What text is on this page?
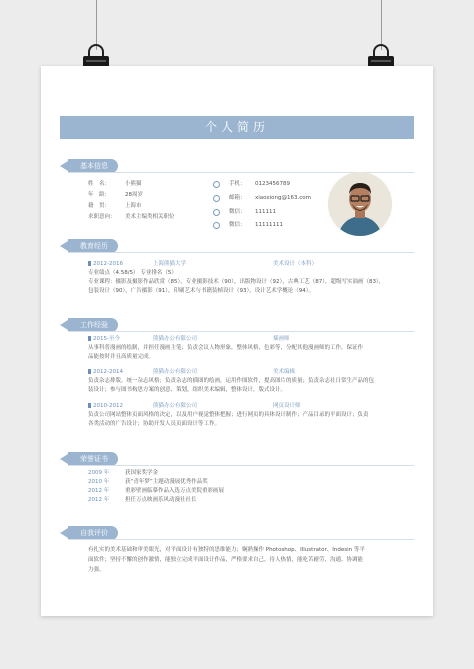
个人简历
基本信息
姓　名：	小熊猫
年　龄：	28周岁
籍　贯：	上海市
求职意向： 美术主编类相关职位
手机： 0123456789
邮箱： xiaoxiong@163.com
微信： 111111
微信： 11111111
教育经历
2012-2016	上海熊猫大学	美术设计（本科）
专业绩点（4.58/5） 专业排名（5）
专业课程：摄影及摄影作品欣赏（85），专业摄影技术（90），出版物设计（92），古典工艺（87），超级写实油画（83），
包装设计（90），广告摄影（91），印刷艺术与书籍装帧设计（93），设计艺术学概论（94）。
工作经验
2015-至今	熊猫办公有限公司	插画师
从事科普漫画的绘制，并担任漫画主笔；负责会议人物形象，整体风格，色彩等，分配其他漫画师的工作，保证作
品能按时并且高质量完成。
2012-2014	熊猫办公有限公司	美术编辑
负责杂志排版，统一杂志风格；负责杂志的插图的绘画，运用作图软件，提高图片的质量；负责杂志社日常生产品的包
装设计；参与图书构思方案的创意、策划，组织美术编辑，整体设计，版式设计。
2010-2012	熊猫办公有限公司	网页设计师
负责公司网站整体页面风格的决定，以及用户视觉整体把握；进行网页的具体设计制作；产品目录的平面设计；负责
各类活动的广告设计；协助开发人员页面设计等工作。
荣誉证书
2009 年	获国家奖学金
2010 年	获“青年梦”主题动漫展优秀作品奖
2012 年	重彩壁画临摹作品入选万点美院重彩画展
2012 年	担任万点映画乐风动漫社社长
自我评价
有扎实的美术基础和审美眼光，对平面设计有独特的思维能力；娴熟操作 Photoshop、Illustrator、Indesin 等平
面软件；坚持不懈的创作激情，能独立完成平面设计作品，严格要求自己，待人热情，能吃苦耐劳，沟通、协调能
力强。
